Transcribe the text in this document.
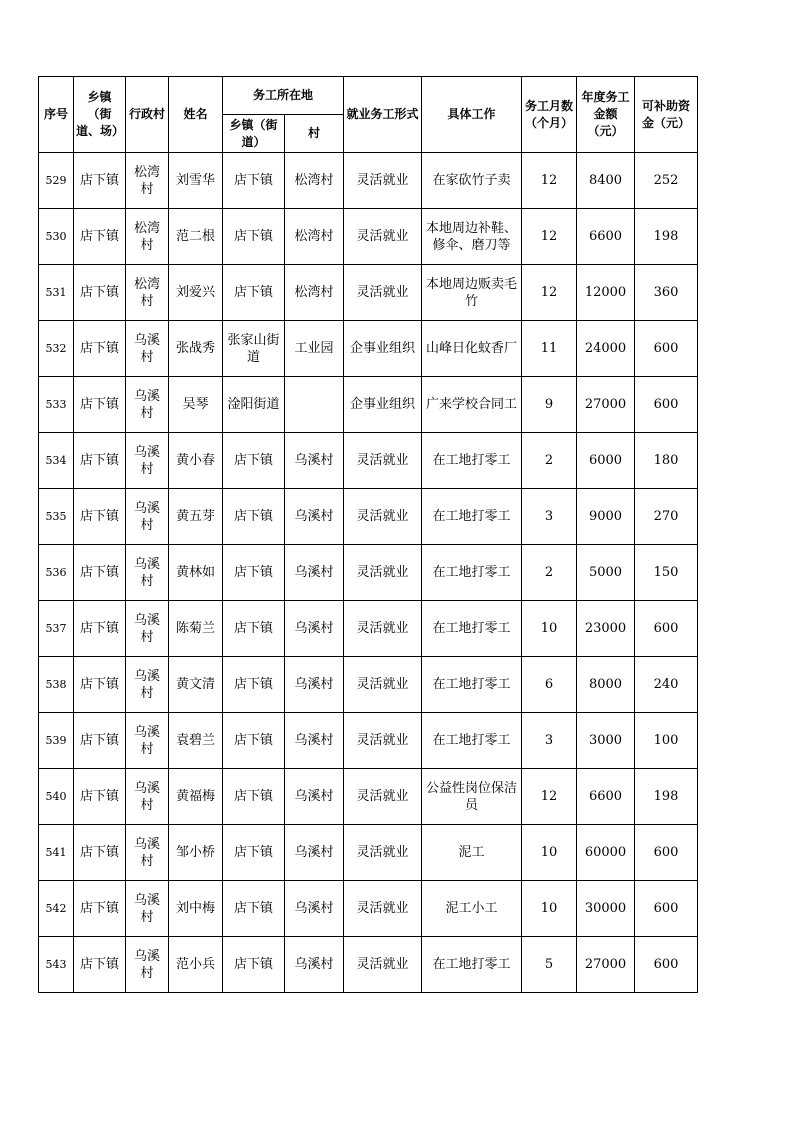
序号	乡镇（街道、场）	行政村	姓名	务工所在地		就业务工形式	具体工作	务工月数（个月）	年度务工金额（元）	可补助资金（元）
				乡镇（街道）	村					
529	店下镇	松湾村	刘雪华	店下镇	松湾村	灵活就业	在家砍竹子卖	12	8400	252
530	店下镇	松湾村	范二根	店下镇	松湾村	灵活就业	本地周边补鞋、修伞、磨刀等	12	6600	198
531	店下镇	松湾村	刘爱兴	店下镇	松湾村	灵活就业	本地周边贩卖毛竹	12	12000	360
532	店下镇	乌溪村	张战秀	张家山街道	工业园	企事业组织	山峰日化蚊香厂	11	24000	600
533	店下镇	乌溪村	吴琴	淦阳街道		企事业组织	广来学校合同工	9	27000	600
534	店下镇	乌溪村	黄小春	店下镇	乌溪村	灵活就业	在工地打零工	2	6000	180
535	店下镇	乌溪村	黄五芽	店下镇	乌溪村	灵活就业	在工地打零工	3	9000	270
536	店下镇	乌溪村	黄林如	店下镇	乌溪村	灵活就业	在工地打零工	2	5000	150
537	店下镇	乌溪村	陈菊兰	店下镇	乌溪村	灵活就业	在工地打零工	10	23000	600
538	店下镇	乌溪村	黄文清	店下镇	乌溪村	灵活就业	在工地打零工	6	8000	240
539	店下镇	乌溪村	袁碧兰	店下镇	乌溪村	灵活就业	在工地打零工	3	3000	100
540	店下镇	乌溪村	黄福梅	店下镇	乌溪村	灵活就业	公益性岗位保洁员	12	6600	198
541	店下镇	乌溪村	邹小桥	店下镇	乌溪村	灵活就业	泥工	10	60000	600
542	店下镇	乌溪村	刘中梅	店下镇	乌溪村	灵活就业	泥工小工	10	30000	600
543	店下镇	乌溪村	范小兵	店下镇	乌溪村	灵活就业	在工地打零工	5	27000	600
